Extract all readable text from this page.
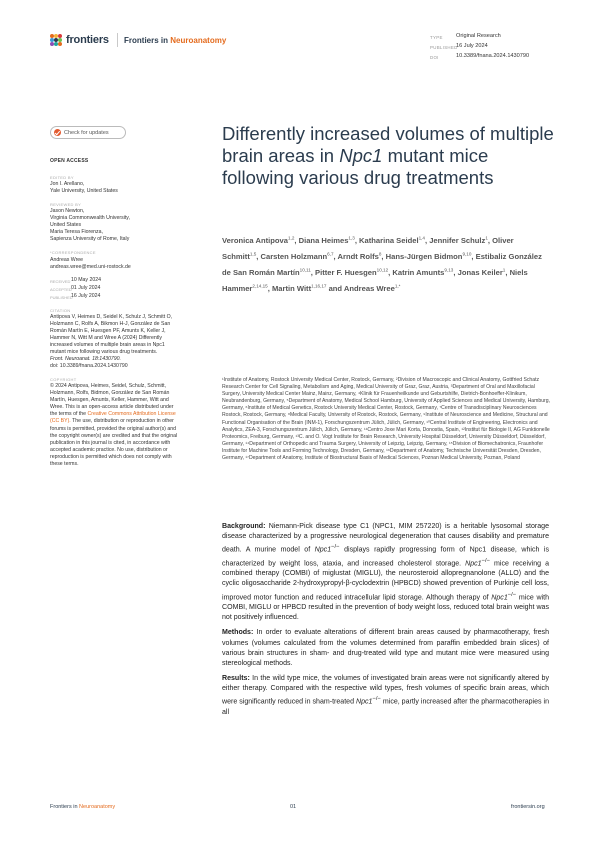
frontiers Frontiers in Neuroanatomy	TYPE	Original Research
PUBLISHED
16 July 2024
DOI	10.3389/fnana.2024.1430790
Check for updates
OPEN ACCESS
EDITED BY
Jon I. Arellano,
Yale University, United States
REVIEWED BY
Jason Newton,
Virginia Commonwealth University,
United States
Maria Teresa Fiorenza,
Sapienza University of Rome, Italy
*CORRESPONDENCE
Andreas Wree
andreas.wree@med.uni-rostock.de
RECEIVED 10 May 2024
ACCEPTED 01 July 2024
PUBLISHED
16 July 2024
CITATION
Antipova V, Heimes D, Seidel K, Schulz J, Schmitt O, Holzmann C, Rolfs A, Bikmon H-J, González de San Román Martín E, Huesgen PF, Amunts K, Keller J, Hammer N, Witt M and Wree A (2024) Differently increased volumes of multiple brain areas in Npc1 mutant mice following various drug treatments.
Front. Neuroanat. 18:1430790.
doi: 10.3389/fnana.2024.1430790
COPYRIGHT
© 2024 Antipova, Heimes, Seidel, Schulz, Schmitt, Holzmann, Rolfs, Bidmon, González de San Román Martín, Huesgen, Amunts, Keller, Hammer, Witt and Wree. This is an open-access article distributed under the terms of the Creative Commons Attribution License (CC BY). The use, distribution or reproduction in other forums is permitted, provided the original author(s) and the copyright owner(s) are credited and that the original publication in this journal is cited, in accordance with accepted academic practice. No use, distribution or reproduction is permitted which does not comply with these terms.
Differently increased volumes of multiple brain areas in Npc1 mutant mice following various drug treatments
Veronica Antipova$^{1,2}$, Diana Heimes$^{1,3}$, Katharina Seidel$^{1,4}$, Jennifer Schulz$^1$, Oliver Schmitt$^{1,5}$, Carsten Holzmann$^{6,7}$, Arndt Rolfs$^8$, Hans-Jürgen Bidmon$^{9,10}$, Estibaliz González de San Román Martín$^{10,11}$, Pitter F. Huesgen$^{10,12}$, Katrin Amunts$^{9,13}$, Jonas Keiler$^1$, Niels Hammer$^{2,14,15}$, Martin Witt$^{1,16,17}$ and Andreas Wree$^{1,*}$
¹Institute of Anatomy, Rostock University Medical Center, Rostock, Germany, ²Division of Macroscopic and Clinical Anatomy, Gottfried Schatz Research Center for Cell Signaling, Metabolism and Aging, Medical University of Graz, Graz, Austria, ³Department of Oral and Maxillofacial Surgery, University Medical Center Mainz, Mainz, Germany, ⁴Klinik für Frauenheilkunde und Geburtshilfe, Dietrich-Bonhoeffer-Klinikum, Neubrandenburg, Germany, ⁵Department of Anatomy, Medical School Hamburg, University of Applied Sciences and Medical University, Hamburg, Germany, ⁶Institute of Medical Genetics, Rostock University Medical Center, Rostock, Germany, ⁷Centre of Transdisciplinary Neurosciences Rostock, Rostock, Germany, ⁸Medical Faculty, University of Rostock, Rostock, Germany, ⁹Institute of Neuroscience and Medicine, Structural and Functional Organisation of the Brain (INM-1), Forschungszentrum Jülich, Jülich, Germany, ¹⁰Central Institute of Engineering, Electronics and Analytics, ZEA-3, Forschungszentrum Jülich, Jülich, Germany, ¹¹Centro Joxe Mari Korta, Donostia, Spain, ¹²Institut für Biologie II, AG Funktionelle Proteomics, Freiburg, Germany, ¹³C. and O. Vogt Institute for Brain Research, University Hospital Düsseldorf, University Düsseldorf, Düsseldorf, Germany, ¹⁴Department of Orthopedic and Trauma Surgery, University of Leipzig, Leipzig, Germany, ¹⁵Division of Biomechatronics, Fraunhofer Institute for Machine Tools and Forming Technology, Dresden, Germany, ¹⁶Department of Anatomy, Technische Universität Dresden, Dresden, Germany, ¹⁷Department of Anatomy, Institute of Biostructural Basis of Medical Sciences, Poznan Medical University, Poznan, Poland

Background: Niemann-Pick disease type C1 (NPC1, MIM 257220) is a heritable lysosomal storage disease characterized by a progressive neurological degeneration that causes disability and premature death. A murine model of Npc1−/− displays rapidly progressing form of Npc1 disease, which is characterized by weight loss, ataxia, and increased cholesterol storage. Npc1−/− mice receiving a combined therapy (COMBI) of miglustat (MIGLU), the neurosteroid allopregnanolone (ALLO) and the cyclic oligosaccharide 2-hydroxypropyl-β-cyclodextrin (HPBCD) showed prevention of Purkinje cell loss, improved motor function and reduced intracellular lipid storage. Although therapy of Npc1−/− mice with COMBI, MIGLU or HPBCD resulted in the prevention of body weight loss, reduced total brain weight was not positively influenced.

Methods: In order to evaluate alterations of different brain areas caused by pharmacotherapy, fresh volumes (volumes calculated from the volumes determined from paraffin embedded brain slices) of various brain structures in sham- and drug-treated wild type and mutant mice were measured using stereological methods.

Results: In the wild type mice, the volumes of investigated brain areas were not significantly altered by either therapy. Compared with the respective wild types, fresh volumes of specific brain areas, which were significantly reduced in sham-treated Npc1−/− mice, partly increased after the pharmacotherapies in all

Frontiers in Neuroanatomy	01	frontiersin.org
